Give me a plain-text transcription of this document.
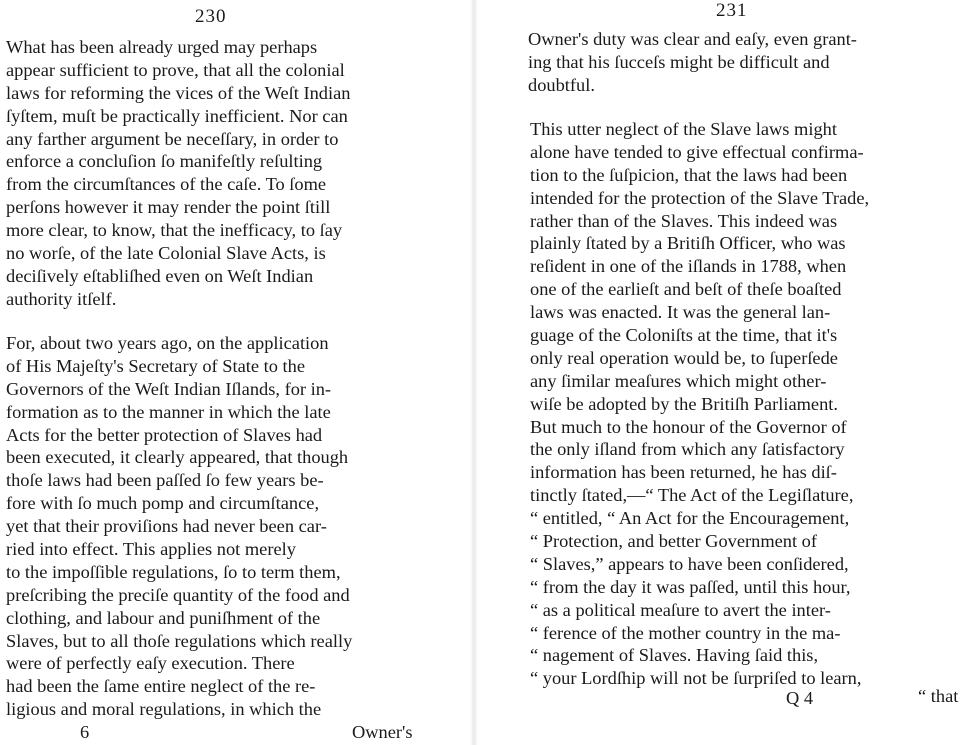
230
What has been already urged may perhaps
appear sufficient to prove, that all the colonial
laws for reforming the vices of the Weſt Indian
ſyſtem, muſt be practically inefficient. Nor can
any farther argument be neceſſary, in order to
enforce a concluſion ſo manifeſtly reſulting
from the circumſtances of the caſe. To ſome
perſons however it may render the point ſtill
more clear, to know, that the inefficacy, to ſay
no worſe, of the late Colonial Slave Acts, is
deciſively eſtabliſhed even on Weſt Indian
authority itſelf.
For, about two years ago, on the application
of His Majeſty's Secretary of State to the
Governors of the Weſt Indian Iſlands, for in-
formation as to the manner in which the late
Acts for the better protection of Slaves had
been executed, it clearly appeared, that though
thoſe laws had been paſſed ſo few years be-
fore with ſo much pomp and circumſtance,
yet that their proviſions had never been car-
ried into effect. This applies not merely
to the impoſſible regulations, ſo to term them,
preſcribing the preciſe quantity of the food and
clothing, and labour and puniſhment of the
Slaves, but to all thoſe regulations which really
were of perfectly eaſy execution. There
had been the ſame entire neglect of the re-
ligious and moral regulations, in which the
6	Owner's
231
Owner's duty was clear and eaſy, even grant-
ing that his ſucceſs might be difficult and
doubtful.
This utter neglect of the Slave laws might
alone have tended to give effectual confirma-
tion to the ſuſpicion, that the laws had been
intended for the protection of the Slave Trade,
rather than of the Slaves. This indeed was
plainly ſtated by a Britiſh Officer, who was
reſident in one of the iſlands in 1788, when
one of the earlieſt and beſt of theſe boaſted
laws was enacted. It was the general lan-
guage of the Coloniſts at the time, that it's
only real operation would be, to ſuperſede
any ſimilar meaſures which might other-
wiſe be adopted by the Britiſh Parliament.
But much to the honour of the Governor of
the only iſland from which any ſatisfactory
information has been returned, he has diſ-
tinctly ſtated,—“ The Act of the Legiſlature,
“ entitled, “ An Act for the Encouragement,
“ Protection, and better Government of
“ Slaves,” appears to have been conſidered,
“ from the day it was paſſed, until this hour,
“ as a political meaſure to avert the inter-
“ ference of the mother country in the ma-
“ nagement of Slaves. Having ſaid this,
“ your Lordſhip will not be ſurpriſed to learn,
Q 4	“ that
